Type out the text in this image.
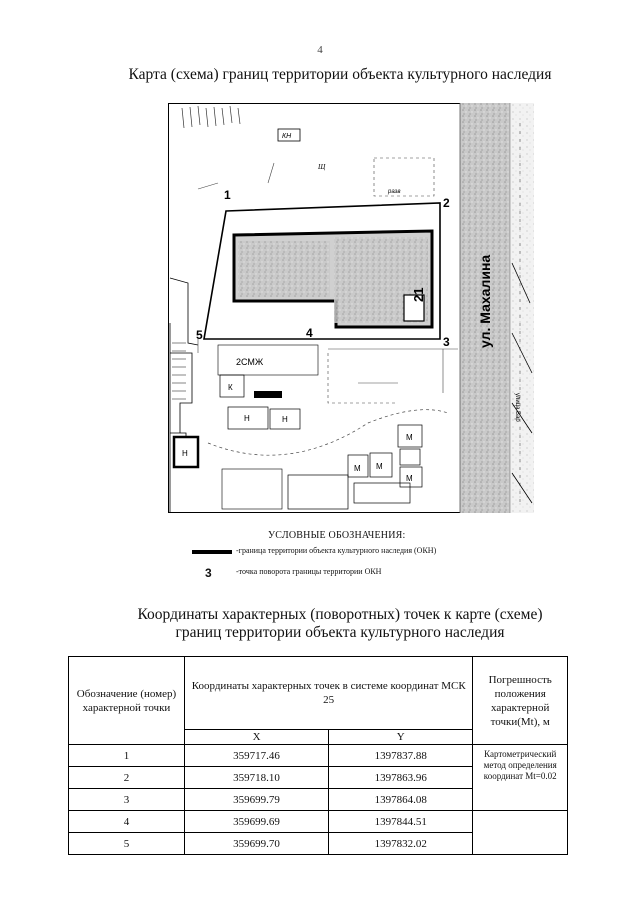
4
Карта (схема) границ территории объекта культурного наследия
КН
разв
Щ
21
1
2
3
4
5	ул. Махалина
улица Бар
Н
2СМЖ
К
Н	Н
М
М М
М
УСЛОВНЫЕ ОБОЗНАЧЕНИЯ:
-граница территории объекта культурного наследия (ОКН)
3	-точка поворота границы территории ОКН
Координаты характерных (поворотных) точек к карте (схеме)
границ территории объекта культурного наследия
Обозначение (номер) характерной точки	Координаты характерных точек в системе координат МСК 25		Погрешность положения характерной точки(Mt), м
	X	Y	
1	359717.46	1397837.88	Картометрический метод определения координат Mt=0.02
2	359718.10	1397863.96	
3	359699.79	1397864.08	
4	359699.69	1397844.51	
5	359699.70	1397832.02	
